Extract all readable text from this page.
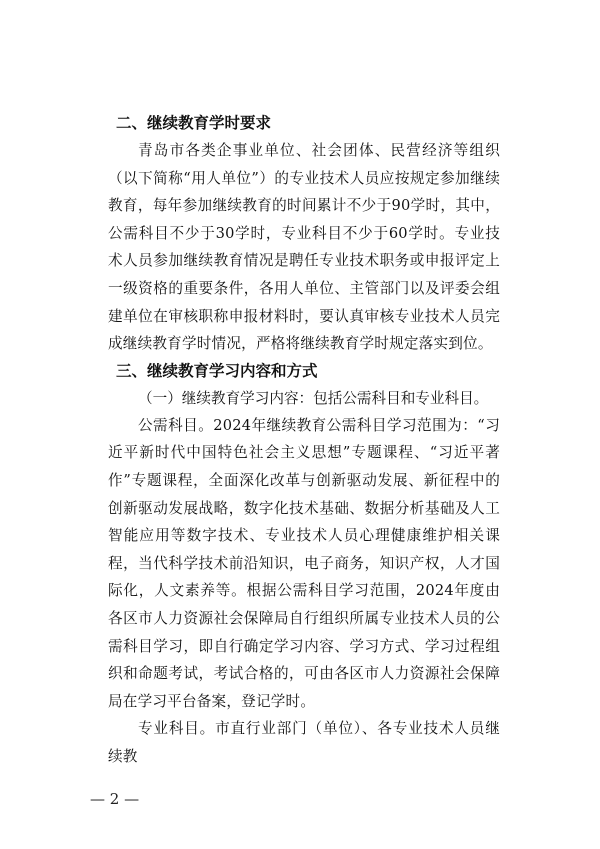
二、继续教育学时要求

青岛市各类企事业单位、社会团体、民营经济等组织（以下简称“用人单位”）的专业技术人员应按规定参加继续教育，每年参加继续教育的时间累计不少于90学时，其中，公需科目不少于30学时，专业科目不少于60学时。专业技术人员参加继续教育情况是聘任专业技术职务或申报评定上一级资格的重要条件，各用人单位、主管部门以及评委会组建单位在审核职称申报材料时，要认真审核专业技术人员完成继续教育学时情况，严格将继续教育学时规定落实到位。

三、继续教育学习内容和方式

（一）继续教育学习内容：包括公需科目和专业科目。

公需科目。2024年继续教育公需科目学习范围为：“习近平新时代中国特色社会主义思想”专题课程、“习近平著作”专题课程，全面深化改革与创新驱动发展、新征程中的创新驱动发展战略，数字化技术基础、数据分析基础及人工智能应用等数字技术、专业技术人员心理健康维护相关课程，当代科学技术前沿知识，电子商务，知识产权，人才国际化，人文素养等。根据公需科目学习范围，2024年度由各区市人力资源社会保障局自行组织所属专业技术人员的公需科目学习，即自行确定学习内容、学习方式、学习过程组织和命题考试，考试合格的，可由各区市人力资源社会保障局在学习平台备案，登记学时。

专业科目。市直行业部门（单位）、各专业技术人员继续教

— 2 —
